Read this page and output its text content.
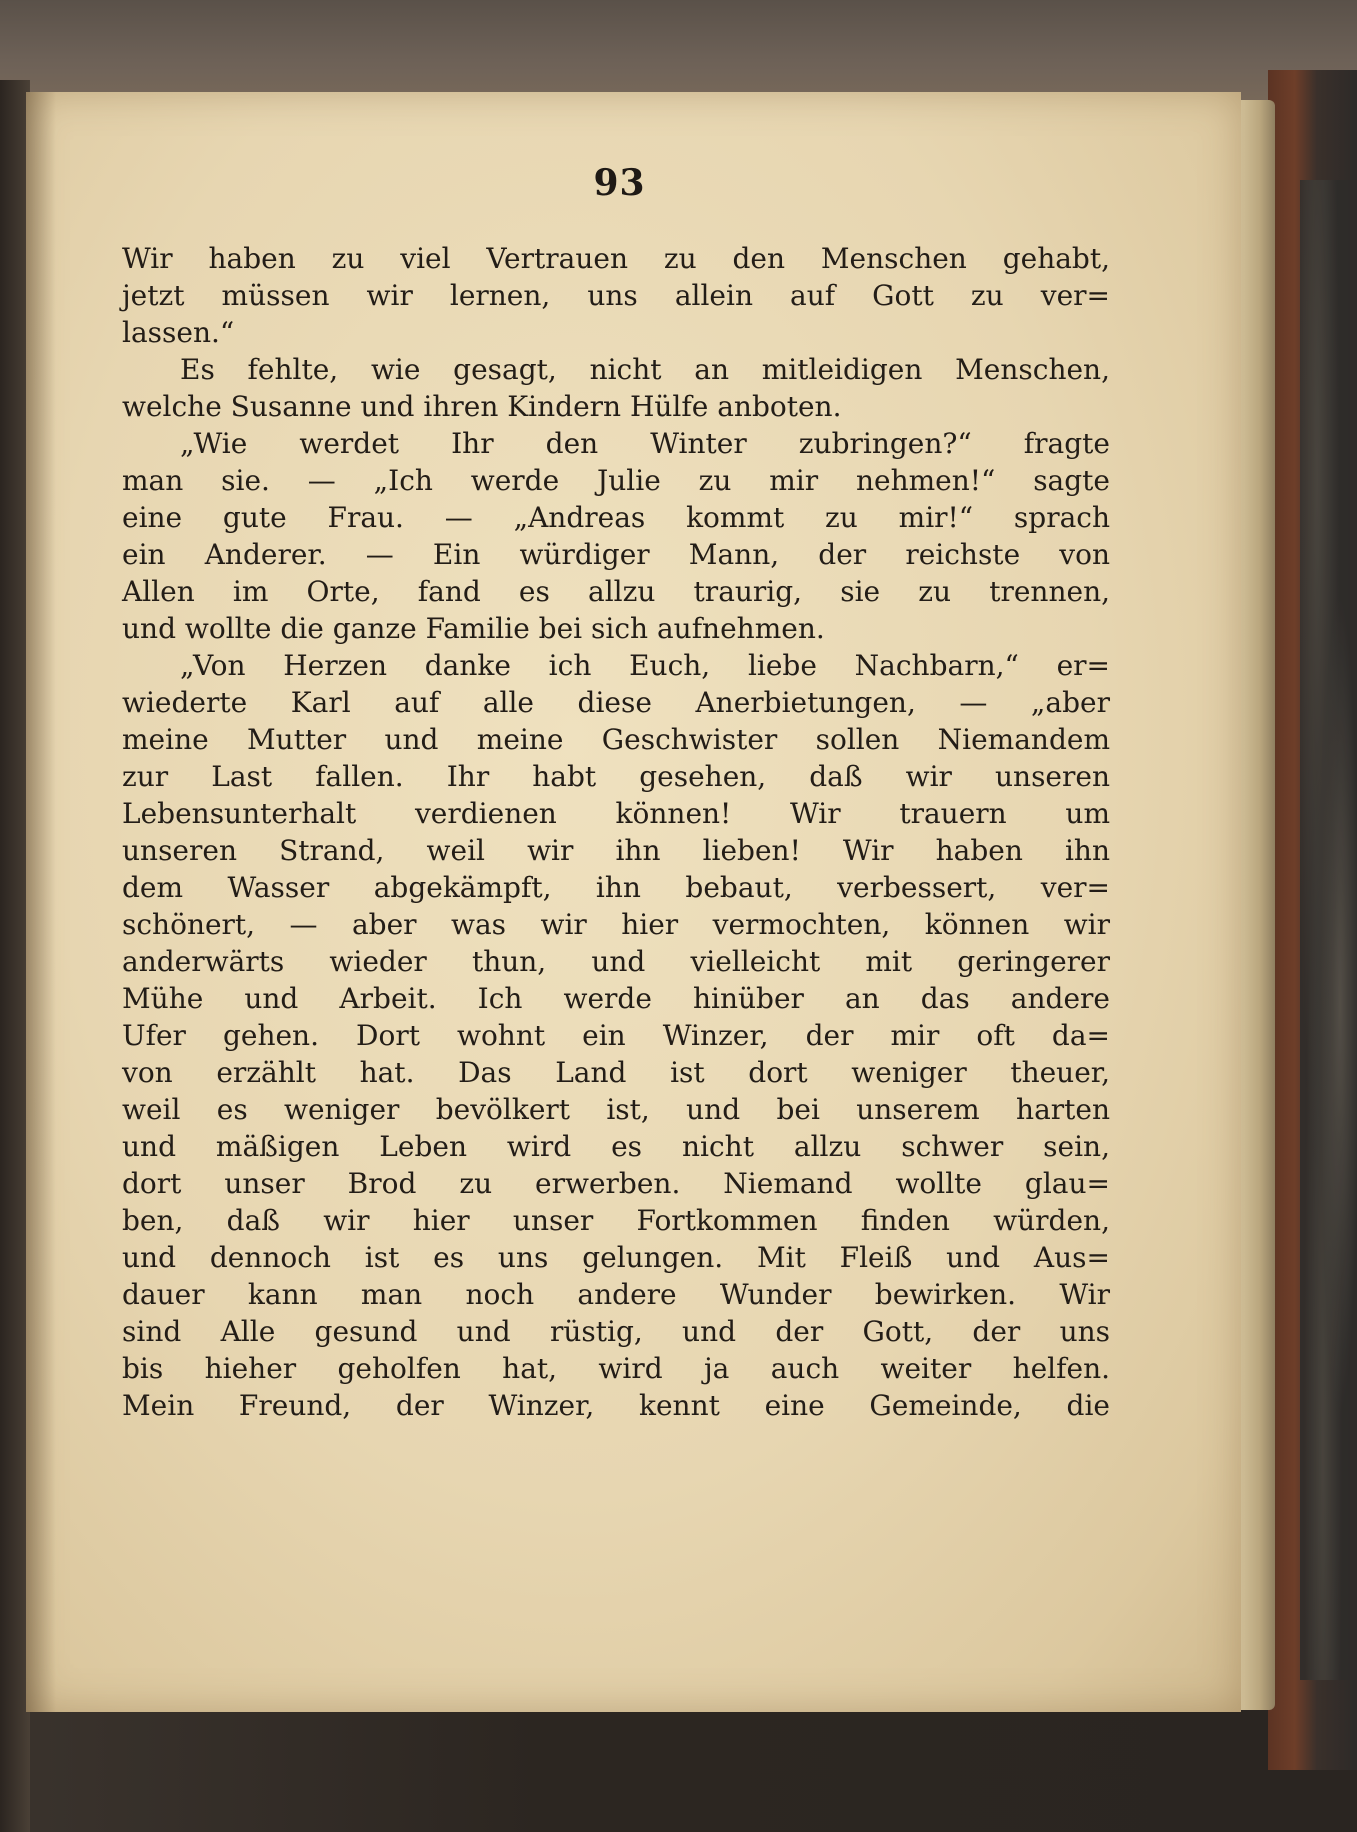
93
Wir haben zu viel Vertrauen zu den Menschen gehabt,
jetzt müssen wir lernen, uns allein auf Gott zu ver=
lassen.“
Es fehlte, wie gesagt, nicht an mitleidigen Menschen,
welche Susanne und ihren Kindern Hülfe anboten.
„Wie werdet Ihr den Winter zubringen?“ fragte
man sie. — „Ich werde Julie zu mir nehmen!“ sagte
eine gute Frau. — „Andreas kommt zu mir!“ sprach
ein Anderer. — Ein würdiger Mann, der reichste von
Allen im Orte, fand es allzu traurig, sie zu trennen,
und wollte die ganze Familie bei sich aufnehmen.
„Von Herzen danke ich Euch, liebe Nachbarn,“ er=
wiederte Karl auf alle diese Anerbietungen, — „aber
meine Mutter und meine Geschwister sollen Niemandem
zur Last fallen. Ihr habt gesehen, daß wir unseren
Lebensunterhalt verdienen können! Wir trauern um
unseren Strand, weil wir ihn lieben! Wir haben ihn
dem Wasser abgekämpft, ihn bebaut, verbessert, ver=
schönert, — aber was wir hier vermochten, können wir
anderwärts wieder thun, und vielleicht mit geringerer
Mühe und Arbeit. Ich werde hinüber an das andere
Ufer gehen. Dort wohnt ein Winzer, der mir oft da=
von erzählt hat. Das Land ist dort weniger theuer,
weil es weniger bevölkert ist, und bei unserem harten
und mäßigen Leben wird es nicht allzu schwer sein,
dort unser Brod zu erwerben. Niemand wollte glau=
ben, daß wir hier unser Fortkommen finden würden,
und dennoch ist es uns gelungen. Mit Fleiß und Aus=
dauer kann man noch andere Wunder bewirken. Wir
sind Alle gesund und rüstig, und der Gott, der uns
bis hieher geholfen hat, wird ja auch weiter helfen.
Mein Freund, der Winzer, kennt eine Gemeinde, die
